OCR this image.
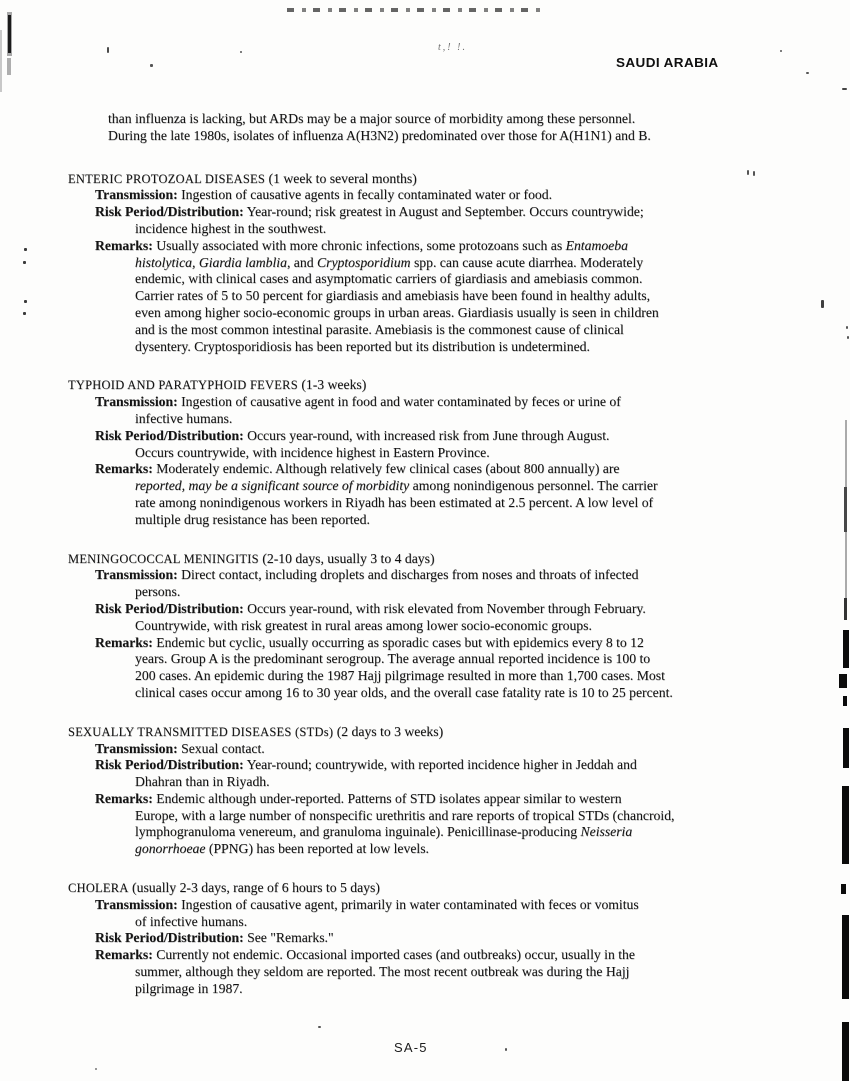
t,! !.
SAUDI ARABIA
than influenza is lacking, but ARDs may be a major source of morbidity among these personnel.
During the late 1980s, isolates of influenza A(H3N2) predominated over those for A(H1N1) and B.
ENTERIC PROTOZOAL DISEASES (1 week to several months)
Transmission: Ingestion of causative agents in fecally contaminated water or food.
Risk Period/Distribution: Year-round; risk greatest in August and September. Occurs countrywide;
incidence highest in the southwest.
Remarks: Usually associated with more chronic infections, some protozoans such as Entamoeba
histolytica, Giardia lamblia, and Cryptosporidium spp. can cause acute diarrhea. Moderately
endemic, with clinical cases and asymptomatic carriers of giardiasis and amebiasis common.
Carrier rates of 5 to 50 percent for giardiasis and amebiasis have been found in healthy adults,
even among higher socio-economic groups in urban areas. Giardiasis usually is seen in children
and is the most common intestinal parasite. Amebiasis is the commonest cause of clinical
dysentery. Cryptosporidiosis has been reported but its distribution is undetermined.
TYPHOID AND PARATYPHOID FEVERS (1-3 weeks)
Transmission: Ingestion of causative agent in food and water contaminated by feces or urine of
infective humans.
Risk Period/Distribution: Occurs year-round, with increased risk from June through August.
Occurs countrywide, with incidence highest in Eastern Province.
Remarks: Moderately endemic. Although relatively few clinical cases (about 800 annually) are
reported, may be a significant source of morbidity among nonindigenous personnel. The carrier
rate among nonindigenous workers in Riyadh has been estimated at 2.5 percent. A low level of
multiple drug resistance has been reported.
MENINGOCOCCAL MENINGITIS (2-10 days, usually 3 to 4 days)
Transmission: Direct contact, including droplets and discharges from noses and throats of infected
persons.
Risk Period/Distribution: Occurs year-round, with risk elevated from November through February.
Countrywide, with risk greatest in rural areas among lower socio-economic groups.
Remarks: Endemic but cyclic, usually occurring as sporadic cases but with epidemics every 8 to 12
years. Group A is the predominant serogroup. The average annual reported incidence is 100 to
200 cases. An epidemic during the 1987 Hajj pilgrimage resulted in more than 1,700 cases. Most
clinical cases occur among 16 to 30 year olds, and the overall case fatality rate is 10 to 25 percent.
SEXUALLY TRANSMITTED DISEASES (STDs) (2 days to 3 weeks)
Transmission: Sexual contact.
Risk Period/Distribution: Year-round; countrywide, with reported incidence higher in Jeddah and
Dhahran than in Riyadh.
Remarks: Endemic although under-reported. Patterns of STD isolates appear similar to western
Europe, with a large number of nonspecific urethritis and rare reports of tropical STDs (chancroid,
lymphogranuloma venereum, and granuloma inguinale). Penicillinase-producing Neisseria
gonorrhoeae (PPNG) has been reported at low levels.
CHOLERA (usually 2-3 days, range of 6 hours to 5 days)
Transmission: Ingestion of causative agent, primarily in water contaminated with feces or vomitus
of infective humans.
Risk Period/Distribution: See "Remarks."
Remarks: Currently not endemic. Occasional imported cases (and outbreaks) occur, usually in the
summer, although they seldom are reported. The most recent outbreak was during the Hajj
pilgrimage in 1987.
SA-5
